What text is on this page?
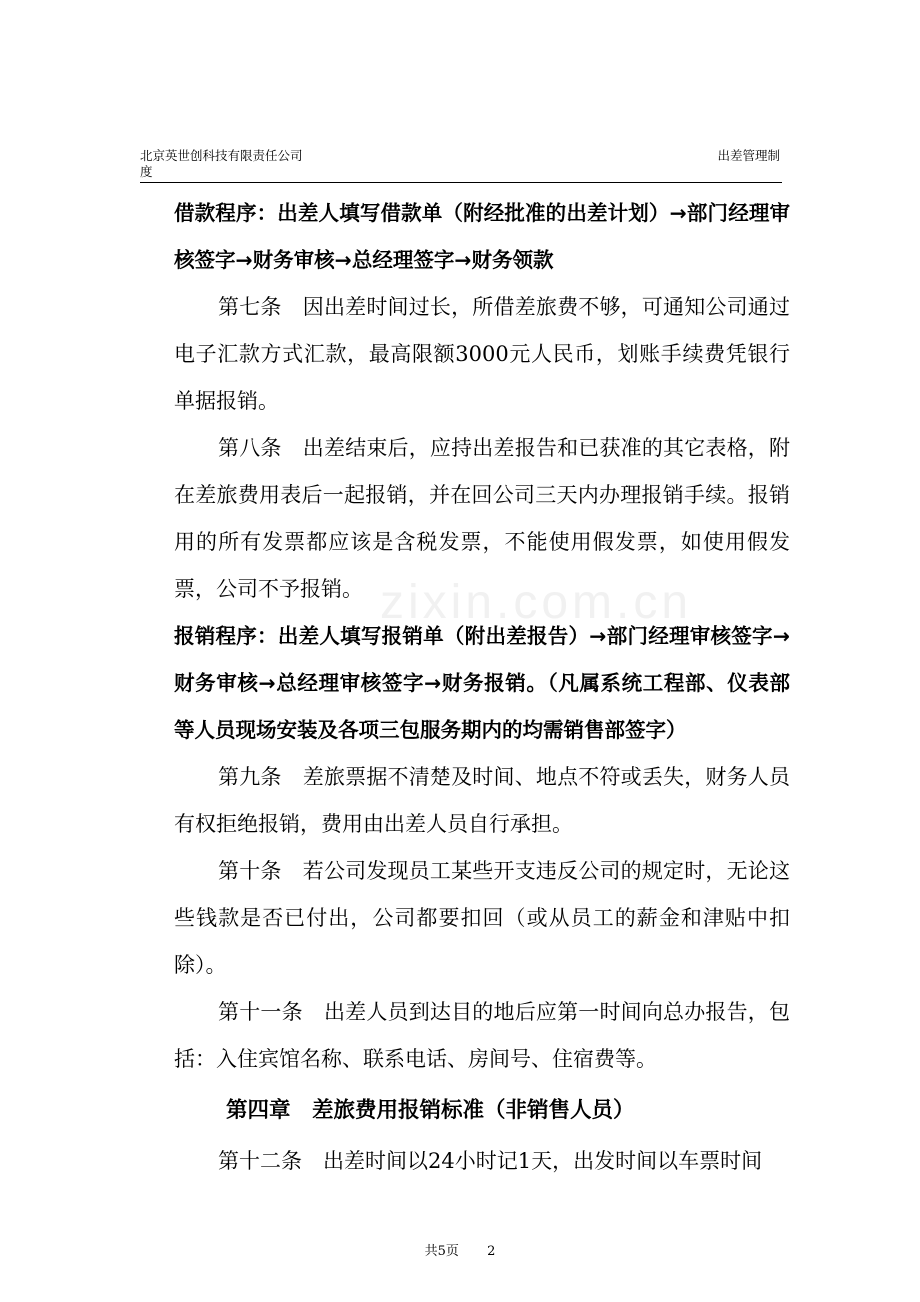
北京英世创科技有限责任公司
度
出差管理制
zixin.com.cn

借款程序：出差人填写借款单（附经批准的出差计划）→部门经理审核签字→财务审核→总经理签字→财务领款

第七条　因出差时间过长，所借差旅费不够，可通知公司通过电子汇款方式汇款，最高限额3000元人民币，划账手续费凭银行单据报销。

第八条　出差结束后，应持出差报告和已获准的其它表格，附在差旅费用表后一起报销，并在回公司三天内办理报销手续。报销用的所有发票都应该是含税发票，不能使用假发票，如使用假发票，公司不予报销。

报销程序：出差人填写报销单（附出差报告）→部门经理审核签字→财务审核→总经理审核签字→财务报销。（凡属系统工程部、仪表部等人员现场安装及各项三包服务期内的均需销售部签字）

第九条　差旅票据不清楚及时间、地点不符或丢失，财务人员有权拒绝报销，费用由出差人员自行承担。

第十条　若公司发现员工某些开支违反公司的规定时，无论这些钱款是否已付出，公司都要扣回（或从员工的薪金和津贴中扣除）。

第十一条　出差人员到达目的地后应第一时间向总办报告，包括：入住宾馆名称、联系电话、房间号、住宿费等。

第四章　差旅费用报销标准（非销售人员）

第十二条　出差时间以24小时记1天，出发时间以车票时间

共5页 2
